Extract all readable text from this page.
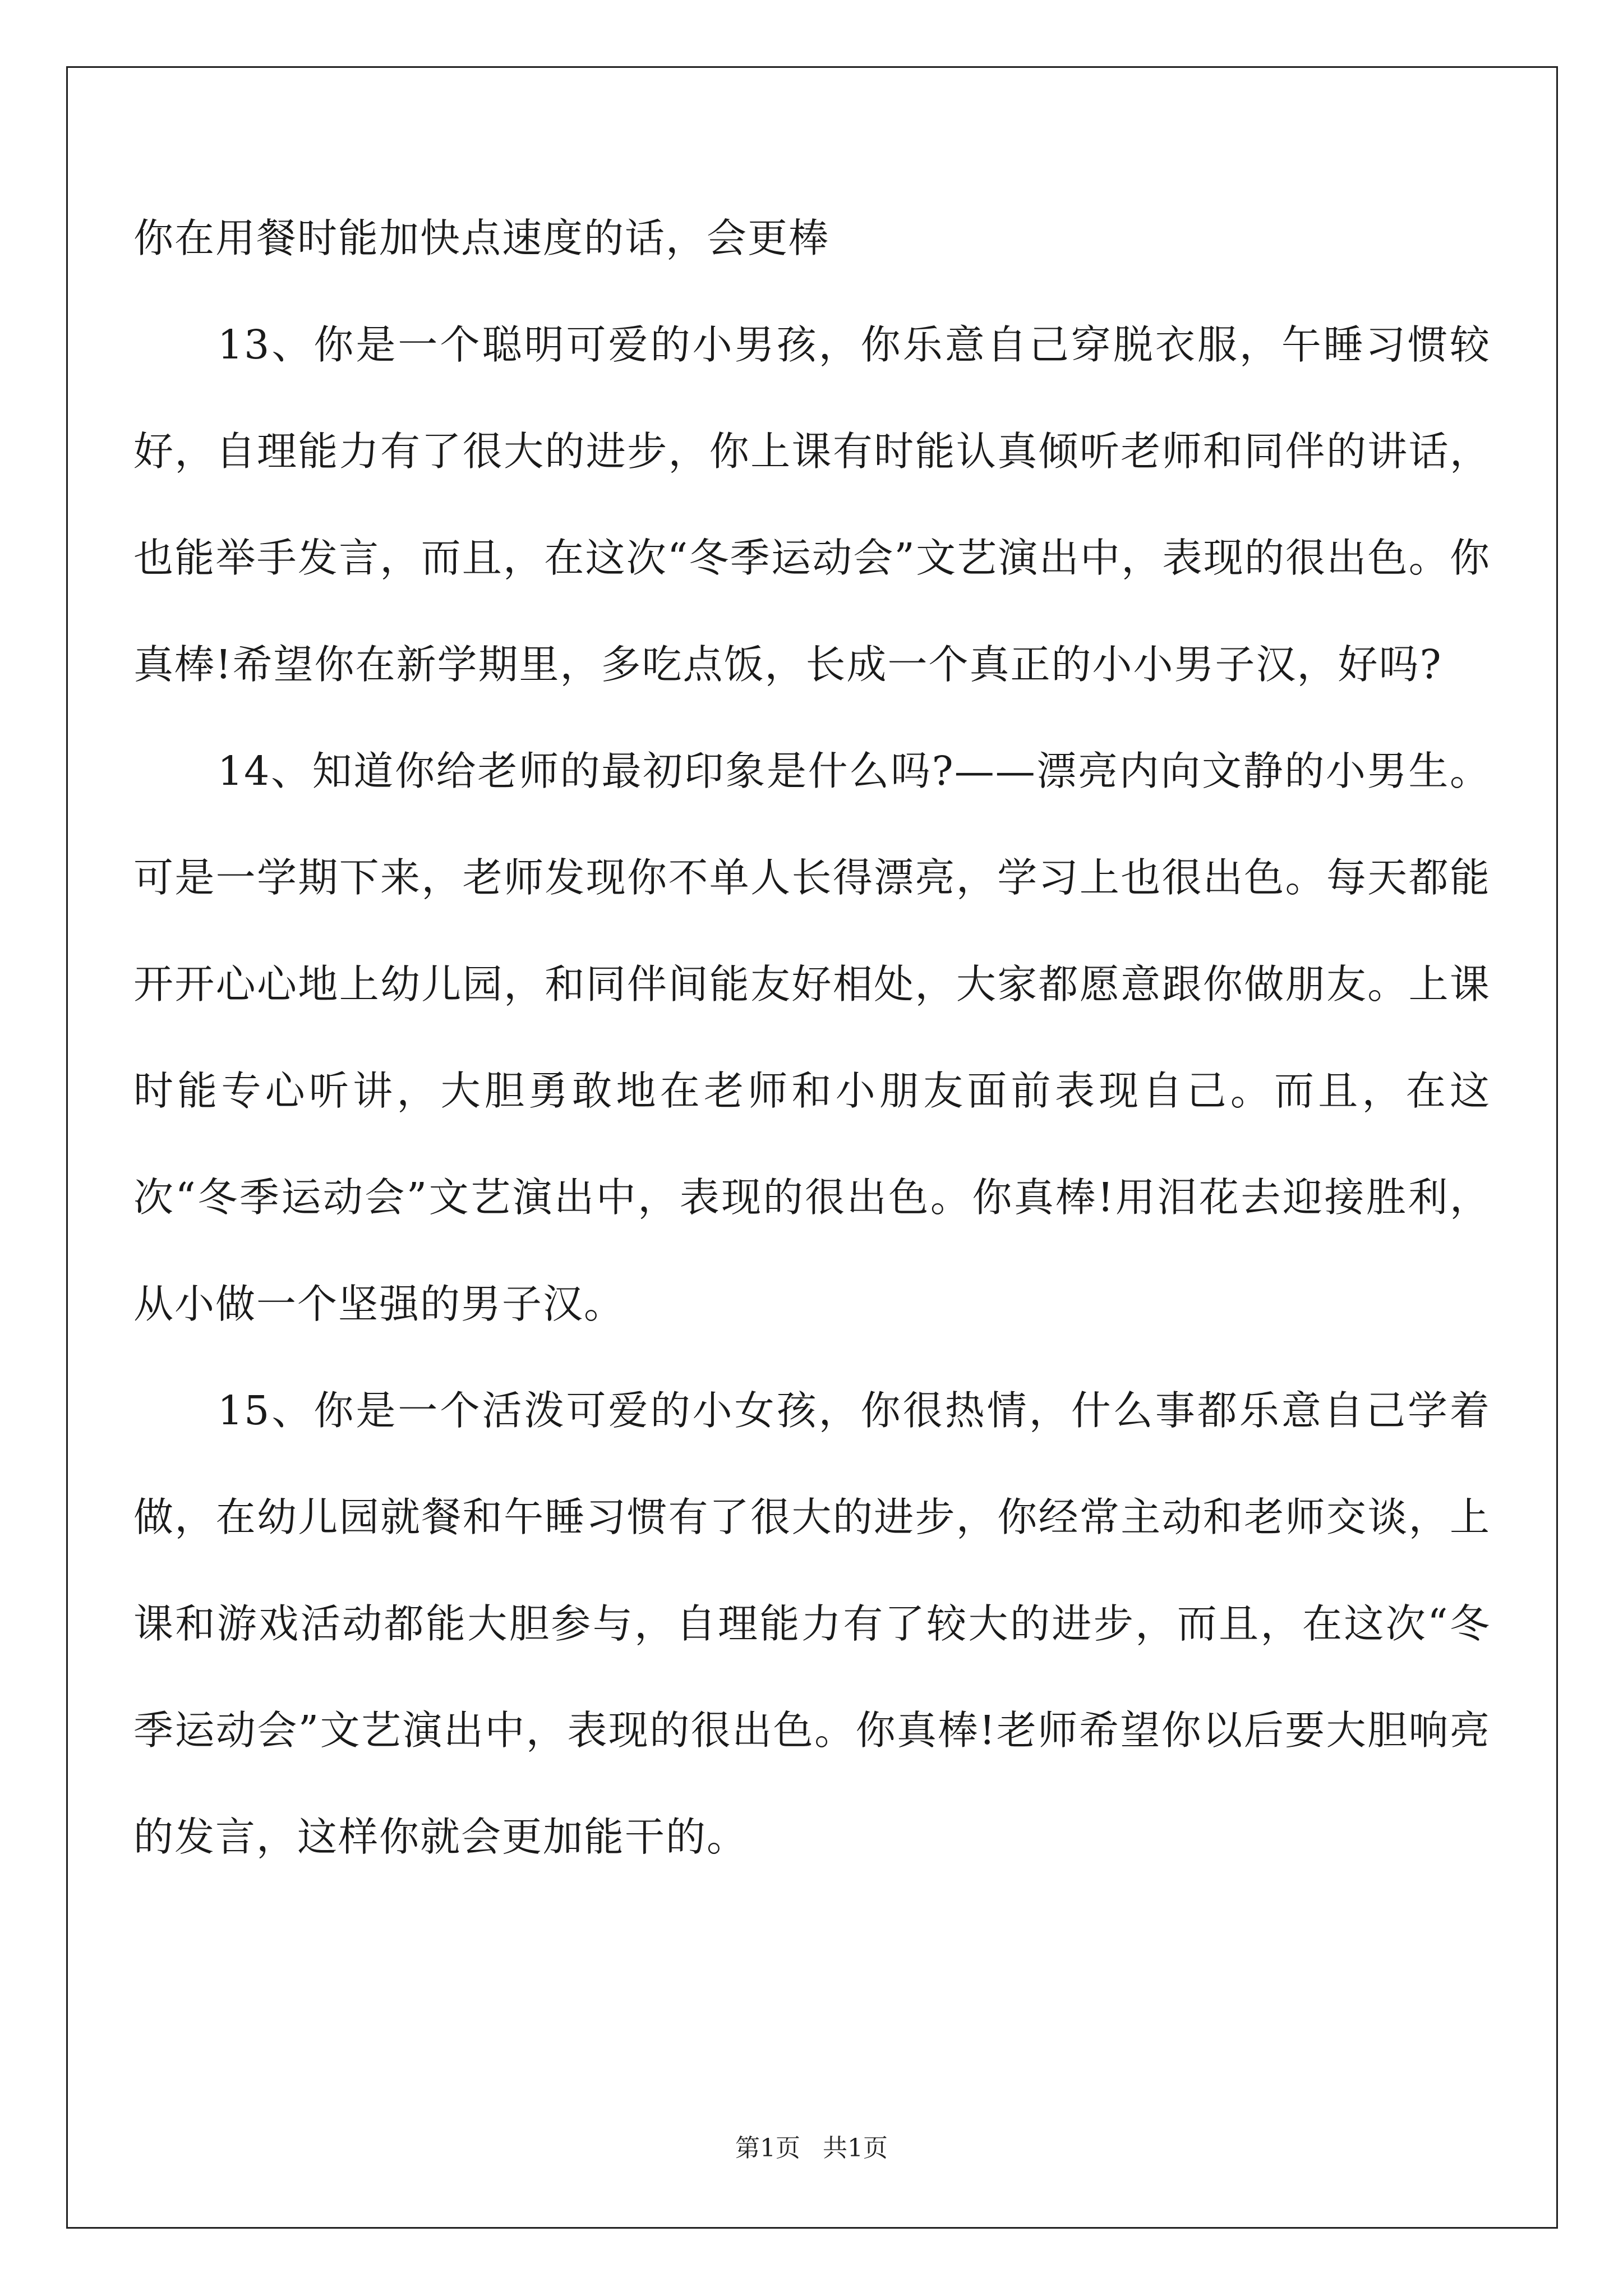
你在用餐时能加快点速度的话，会更棒

13、你是一个聪明可爱的小男孩，你乐意自己穿脱衣服，午睡习惯较好，自理能力有了很大的进步，你上课有时能认真倾听老师和同伴的讲话，也能举手发言，而且，在这次“冬季运动会”文艺演出中，表现的很出色。你真棒!希望你在新学期里，多吃点饭，长成一个真正的小小男子汉，好吗?

14、知道你给老师的最初印象是什么吗?——漂亮内向文静的小男生。可是一学期下来，老师发现你不单人长得漂亮，学习上也很出色。每天都能开开心心地上幼儿园，和同伴间能友好相处，大家都愿意跟你做朋友。上课时能专心听讲，大胆勇敢地在老师和小朋友面前表现自己。而且，在这次“冬季运动会”文艺演出中，表现的很出色。你真棒!用泪花去迎接胜利，从小做一个坚强的男子汉。

15、你是一个活泼可爱的小女孩，你很热情，什么事都乐意自己学着做，在幼儿园就餐和午睡习惯有了很大的进步，你经常主动和老师交谈，上课和游戏活动都能大胆参与，自理能力有了较大的进步，而且，在这次“冬季运动会”文艺演出中，表现的很出色。你真棒!老师希望你以后要大胆响亮的发言，这样你就会更加能干的。

第1页 共1页
